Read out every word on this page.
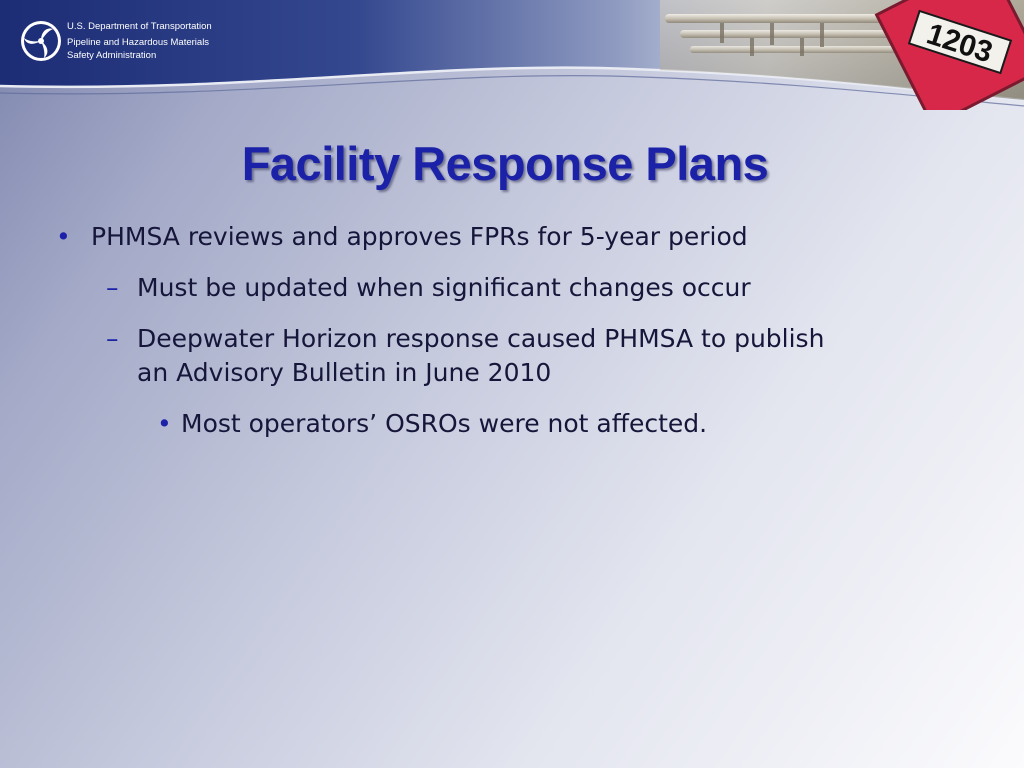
U.S. Department of Transportation
Pipeline and Hazardous Materials
Safety Administration	1203
Facility Response Plans
• PHMSA reviews and approves FPRs for 5-year period
– Must be updated when significant changes occur
– Deepwater Horizon response caused PHMSA to publish
an Advisory Bulletin in June 2010
• Most operators’ OSROs were not affected.
